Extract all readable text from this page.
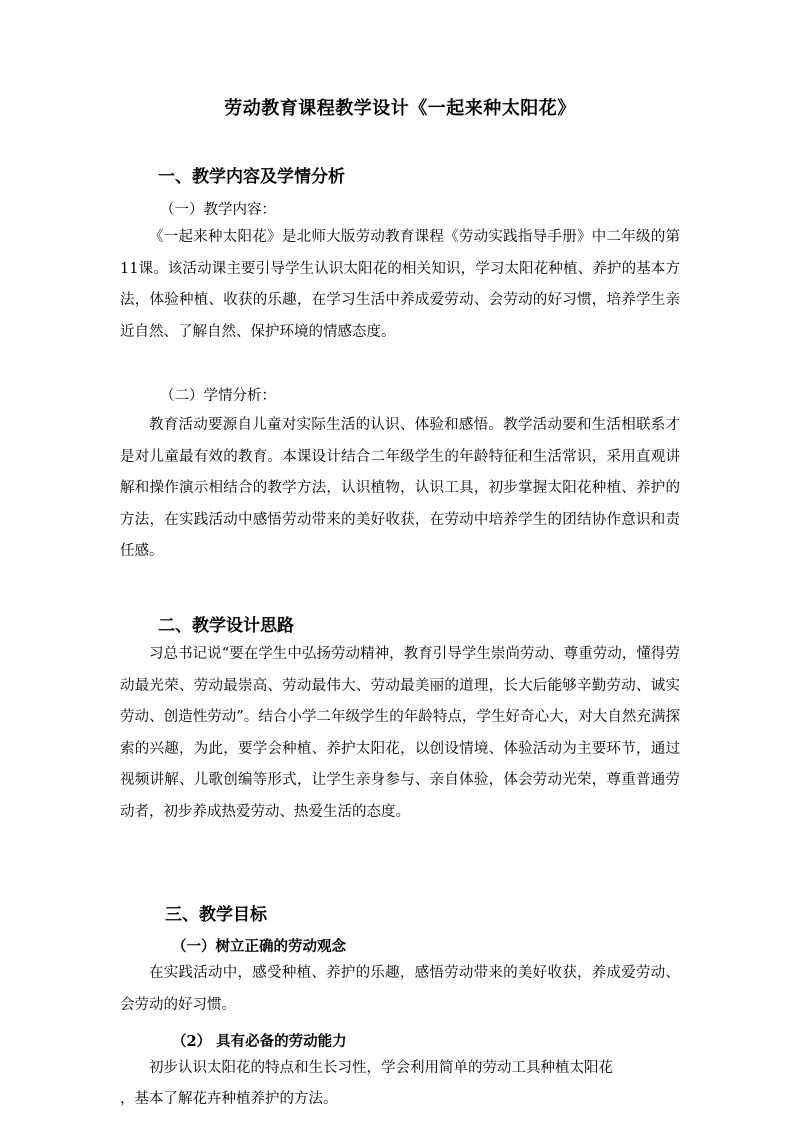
劳动教育课程教学设计《一起来种太阳花》
一、教学内容及学情分析
（一）教学内容：
《一起来种太阳花》是北师大版劳动教育课程《劳动实践指导手册》中二年级的第11课。该活动课主要引导学生认识太阳花的相关知识，学习太阳花种植、养护的基本方法，体验种植、收获的乐趣，在学习生活中养成爱劳动、会劳动的好习惯，培养学生亲近自然、了解自然、保护环境的情感态度。
（二）学情分析：
教育活动要源自儿童对实际生活的认识、体验和感悟。教学活动要和生活相联系才是对儿童最有效的教育。本课设计结合二年级学生的年龄特征和生活常识，采用直观讲解和操作演示相结合的教学方法，认识植物，认识工具，初步掌握太阳花种植、养护的方法，在实践活动中感悟劳动带来的美好收获，在劳动中培养学生的团结协作意识和责任感。
二、教学设计思路
习总书记说“要在学生中弘扬劳动精神，教育引导学生崇尚劳动、尊重劳动，懂得劳动最光荣、劳动最崇高、劳动最伟大、劳动最美丽的道理，长大后能够辛勤劳动、诚实劳动、创造性劳动”。结合小学二年级学生的年龄特点，学生好奇心大，对大自然充满探索的兴趣，为此，要学会种植、养护太阳花，以创设情境、体验活动为主要环节，通过视频讲解、儿歌创编等形式，让学生亲身参与、亲自体验，体会劳动光荣，尊重普通劳动者，初步养成热爱劳动、热爱生活的态度。
三、教学目标
（一）树立正确的劳动观念
在实践活动中，感受种植、养护的乐趣，感悟劳动带来的美好收获，养成爱劳动、会劳动的好习惯。
（2） 具有必备的劳动能力
初步认识太阳花的特点和生长习性，学会利用简单的劳动工具种植太阳花
，基本了解花卉种植养护的方法。
